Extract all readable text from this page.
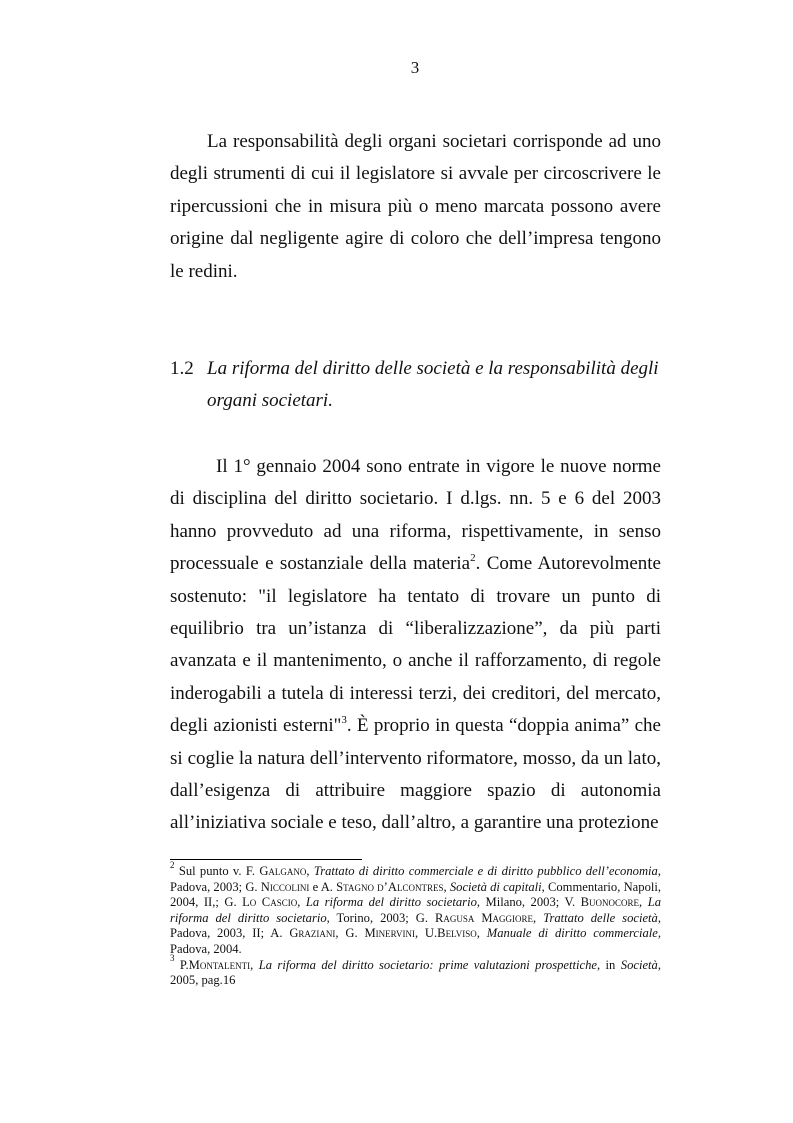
3

La responsabilità degli organi societari corrisponde ad uno degli strumenti di cui il legislatore si avvale per circoscrivere le ripercussioni che in misura più o meno marcata possono avere origine dal negligente agire di coloro che dell’impresa tengono le redini.

1.2 La riforma del diritto delle società e la responsabilità degli organi societari.

Il 1° gennaio 2004 sono entrate in vigore le nuove norme di disciplina del diritto societario. I d.lgs. nn. 5 e 6 del 2003 hanno provveduto ad una riforma, rispettivamente, in senso processuale e sostanziale della materia$^2$. Come Autorevolmente sostenuto: "il legislatore ha tentato di trovare un punto di equilibrio tra un’istanza di “liberalizzazione”, da più parti avanzata e il mantenimento, o anche il rafforzamento, di regole inderogabili a tutela di interessi terzi, dei creditori, del mercato, degli azionisti esterni"$^3$. È proprio in questa “doppia anima” che si coglie la natura dell’intervento riformatore, mosso, da un lato, dall’esigenza di attribuire maggiore spazio di autonomia all’iniziativa sociale e teso, dall’altro, a garantire una protezione

$^2$ Sul punto v. F. Galgano, Trattato di diritto commerciale e di diritto pubblico dell’economia, Padova, 2003; G. Niccolini e A. Stagno d’Alcontres, Società di capitali, Commentario, Napoli, 2004, II,; G. Lo Cascio, La riforma del diritto societario, Milano, 2003; V. Buonocore, La riforma del diritto societario, Torino, 2003; G. Ragusa Maggiore, Trattato delle società, Padova, 2003, II; A. Graziani, G. Minervini, U.Belviso, Manuale di diritto commerciale, Padova, 2004.

$^3$ P.Montalenti, La riforma del diritto societario: prime valutazioni prospettiche, in Società, 2005, pag.16
